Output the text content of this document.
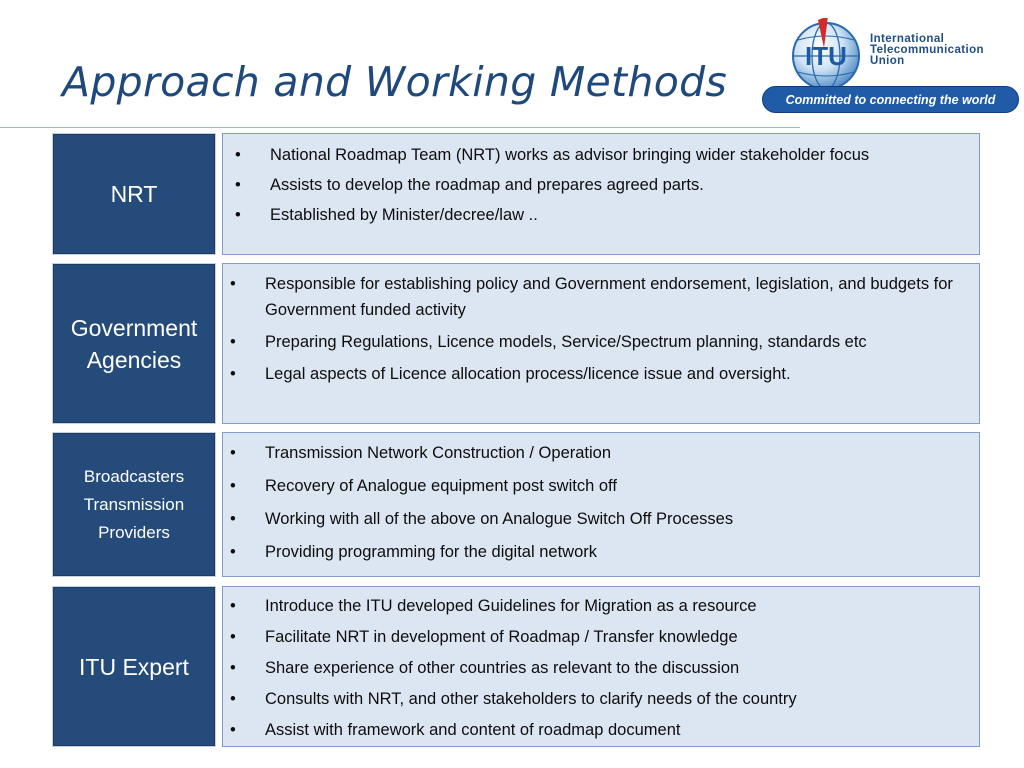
Approach and Working Methods
ITU
International
Telecommunication
Union
Committed to connecting the world
NRT
• National Roadmap Team (NRT) works as advisor bringing wider stakeholder focus
• Assists to develop the roadmap and prepares agreed parts.
• Established by Minister/decree/law ..
Government
Agencies
• Responsible for establishing policy and Government endorsement, legislation, and budgets for Government funded activity
• Preparing Regulations, Licence models, Service/Spectrum planning, standards etc
• Legal aspects of Licence allocation process/licence issue and oversight.
Broadcasters
Transmission
Providers
• Transmission Network Construction / Operation
• Recovery of Analogue equipment post switch off
• Working with all of the above on Analogue Switch Off Processes
• Providing programming for the digital network
ITU Expert
• Introduce the ITU developed Guidelines for Migration as a resource
• Facilitate NRT in development of Roadmap / Transfer knowledge
• Share experience of other countries as relevant to the discussion
• Consults with NRT, and other stakeholders to clarify needs of the country
• Assist with framework and content of roadmap document
